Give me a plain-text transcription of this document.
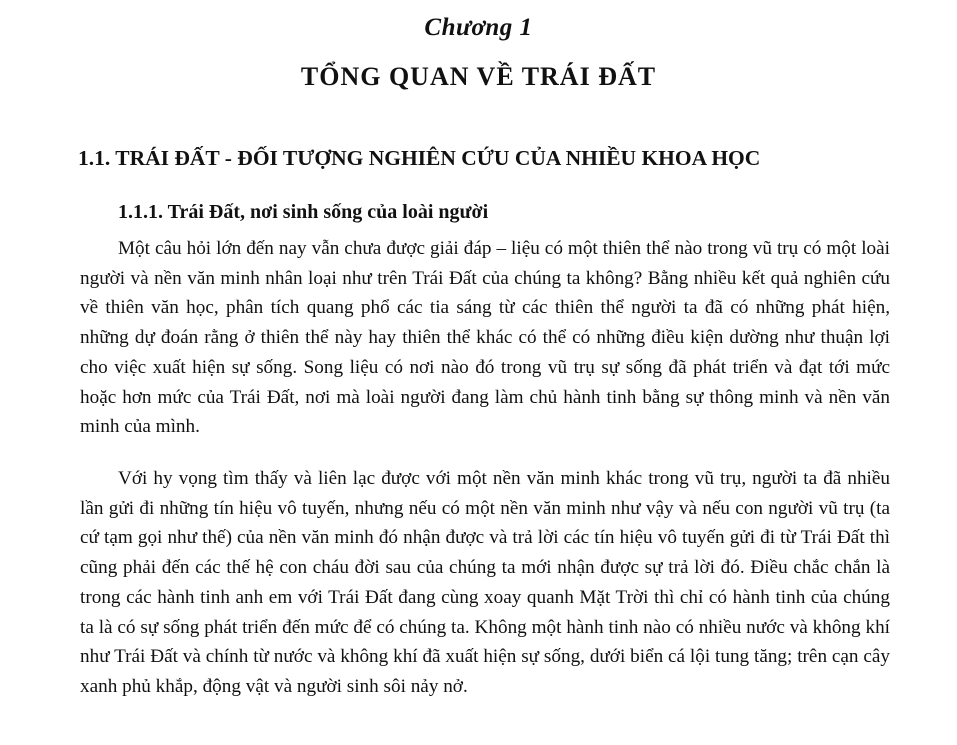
Chương 1
TỔNG QUAN VỀ TRÁI ĐẤT
1.1. TRÁI ĐẤT - ĐỐI TƯỢNG NGHIÊN CỨU CỦA NHIỀU KHOA HỌC
1.1.1. Trái Đất, nơi sinh sống của loài người

Một câu hỏi lớn đến nay vẫn chưa được giải đáp – liệu có một thiên thể nào trong vũ trụ có một loài người và nền văn minh nhân loại như trên Trái Đất của chúng ta không? Bằng nhiều kết quả nghiên cứu về thiên văn học, phân tích quang phổ các tia sáng từ các thiên thể người ta đã có những phát hiện, những dự đoán rằng ở thiên thể này hay thiên thể khác có thể có những điều kiện dường như thuận lợi cho việc xuất hiện sự sống. Song liệu có nơi nào đó trong vũ trụ sự sống đã phát triển và đạt tới mức hoặc hơn mức của Trái Đất, nơi mà loài người đang làm chủ hành tinh bằng sự thông minh và nền văn minh của mình.

Với hy vọng tìm thấy và liên lạc được với một nền văn minh khác trong vũ trụ, người ta đã nhiều lần gửi đi những tín hiệu vô tuyến, nhưng nếu có một nền văn minh như vậy và nếu con người vũ trụ (ta cứ tạm gọi như thế) của nền văn minh đó nhận được và trả lời các tín hiệu vô tuyến gửi đi từ Trái Đất thì cũng phải đến các thế hệ con cháu đời sau của chúng ta mới nhận được sự trả lời đó. Điều chắc chắn là trong các hành tinh anh em với Trái Đất đang cùng xoay quanh Mặt Trời thì chỉ có hành tinh của chúng ta là có sự sống phát triển đến mức để có chúng ta. Không một hành tinh nào có nhiều nước và không khí như Trái Đất và chính từ nước và không khí đã xuất hiện sự sống, dưới biển cá lội tung tăng; trên cạn cây xanh phủ khắp, động vật và người sinh sôi nảy nở.
